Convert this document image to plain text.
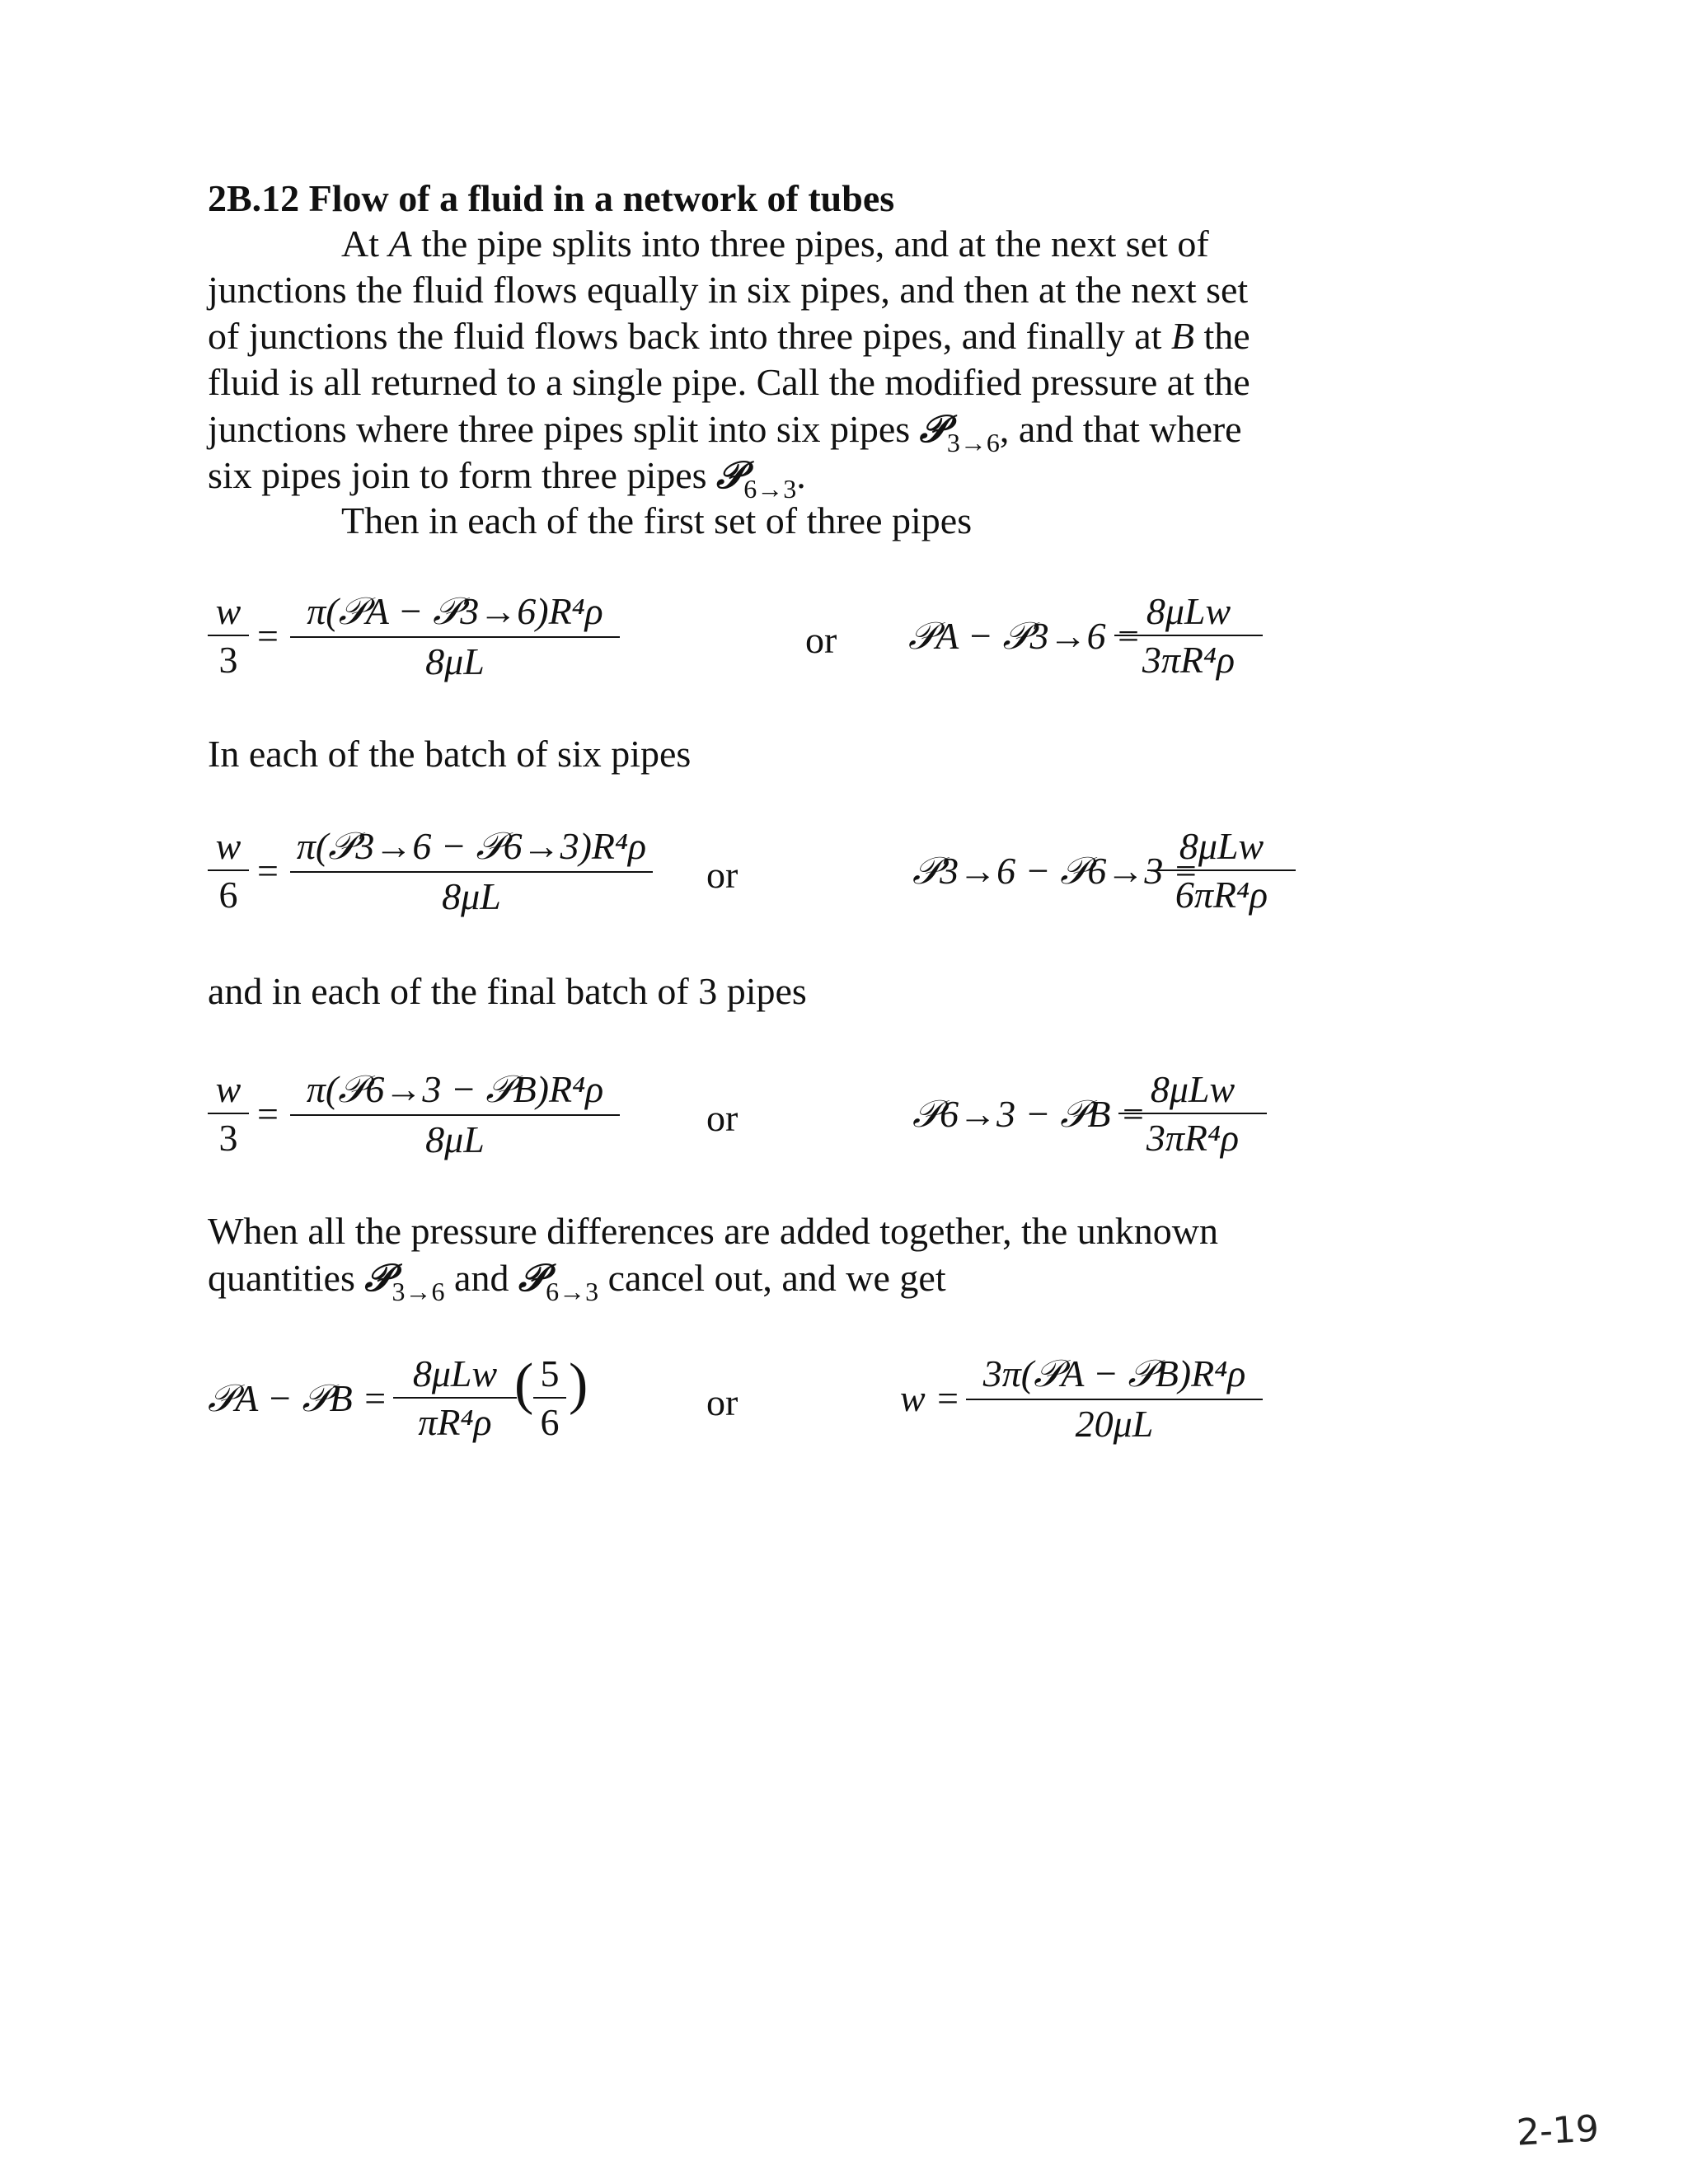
2B.12 Flow of a fluid in a network of tubes
At A the pipe splits into three pipes, and at the next set of
junctions the fluid flows equally in six pipes, and then at the next set
of junctions the fluid flows back into three pipes, and finally at B the
fluid is all returned to a single pipe. Call the modified pressure at the
junctions where three pipes split into six pipes 𝒫$_{3\to 6}$, and that where
six pipes join to form three pipes 𝒫$_{6\to 3}$.
Then in each of the first set of three pipes
w
3
=
π(𝒫A − 𝒫3→6)R⁴ρ
8μL
or 𝒫A − 𝒫3→6 =
8μLw
3πR⁴ρ
In each of the batch of six pipes
w
6
=
π(𝒫3→6 − 𝒫6→3)R⁴ρ
8μL
or	𝒫3→6 − 𝒫6→3 =
8μLw
6πR⁴ρ
and in each of the final batch of 3 pipes
w
3
=
π(𝒫6→3 − 𝒫B)R⁴ρ
8μL
or	𝒫6→3 − 𝒫B =
8μLw
3πR⁴ρ
When all the pressure differences are added together, the unknown
quantities 𝒫$_{3\to 6}$ and 𝒫$_{6\to 3}$ cancel out, and we get
𝒫A − 𝒫B =
8μLw
πR⁴ρ
( 5
6
)	or	w =
3π(𝒫A − 𝒫B)R⁴ρ
20μL
2-19
